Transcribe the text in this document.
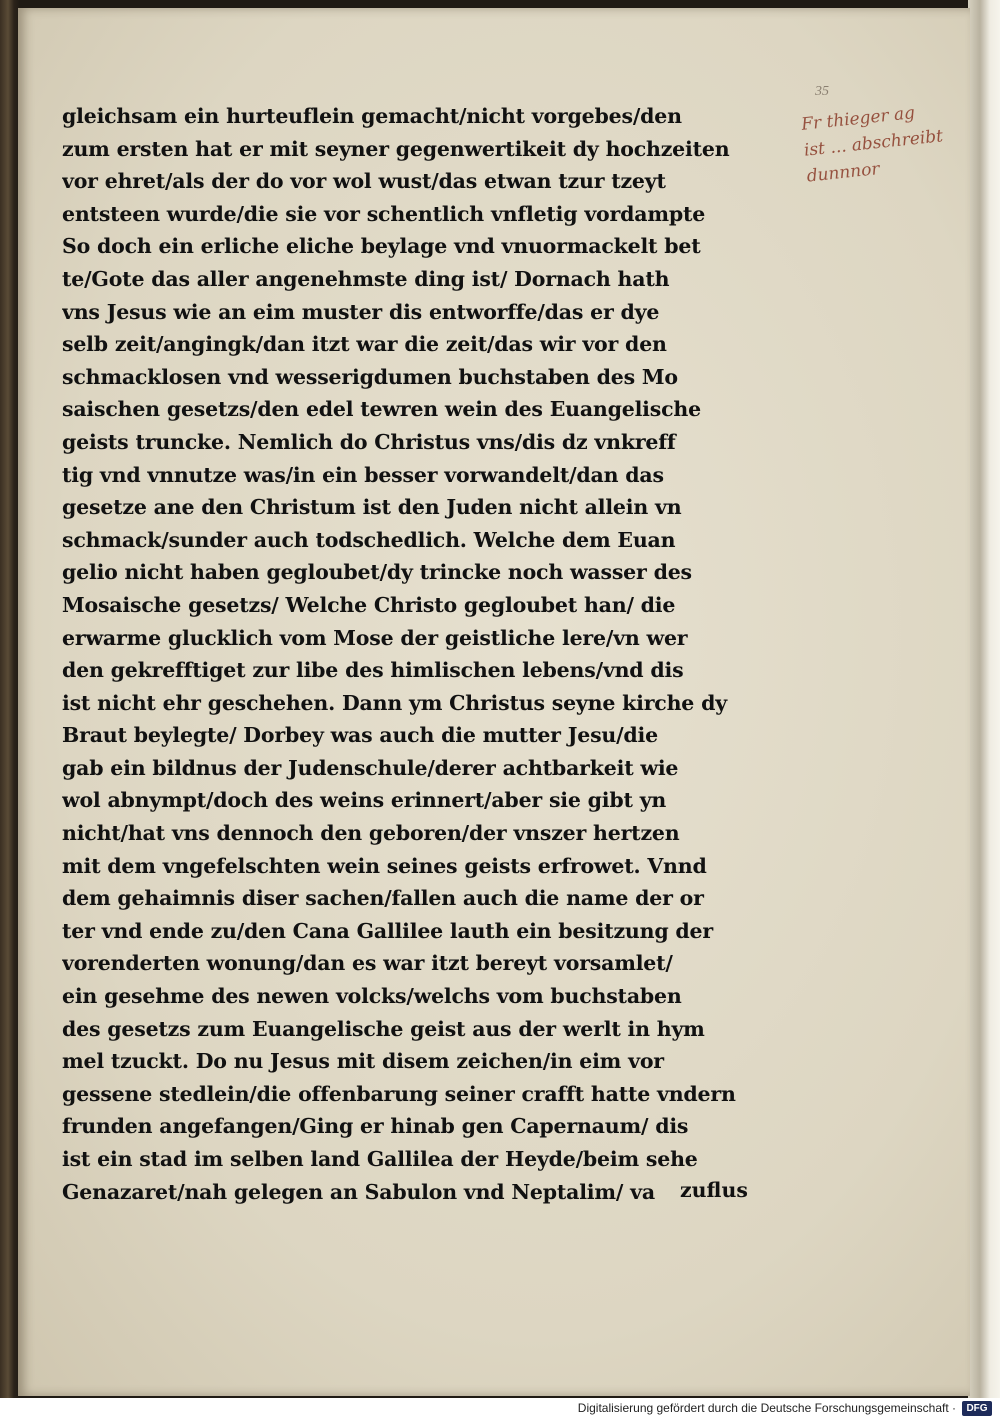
35
Fr thieger ag
ist ... abschreibt
dunnnor
gleichsam ein hurteuflein gemacht/nicht vorgebes/den
zum ersten hat er mit seyner gegenwertikeit dy hochzeiten
vor ehret/als der do vor wol wust/das etwan tzur tzeyt
entsteen wurde/die sie vor schentlich vnfletig vordampte
So doch ein erliche eliche beylage vnd vnuormackelt bet
te/Gote das aller angenehmste ding ist/ Dornach hath
vns Jesus wie an eim muster dis entworffe/das er dye
selb zeit/angingk/dan itzt war die zeit/das wir vor den
schmacklosen vnd wesserigdumen buchstaben des Mo
saischen gesetzs/den edel tewren wein des Euangelische
geists truncke. Nemlich do Christus vns/dis dz vnkreff
tig vnd vnnutze was/in ein besser vorwandelt/dan das
gesetze ane den Christum ist den Juden nicht allein vn
schmack/sunder auch todschedlich. Welche dem Euan
gelio nicht haben gegloubet/dy trincke noch wasser des
Mosaische gesetzs/ Welche Christo gegloubet han/ die
erwarme glucklich vom Mose der geistliche lere/vn wer
den gekrefftiget zur libe des himlischen lebens/vnd dis
ist nicht ehr geschehen. Dann ym Christus seyne kirche dy
Braut beylegte/ Dorbey was auch die mutter Jesu/die
gab ein bildnus der Judenschule/derer achtbarkeit wie
wol abnympt/doch des weins erinnert/aber sie gibt yn
nicht/hat vns dennoch den geboren/der vnszer hertzen
mit dem vngefelschten wein seines geists erfrowet. Vnnd
dem gehaimnis diser sachen/fallen auch die name der or
ter vnd ende zu/den Cana Gallilee lauth ein besitzung der
vorenderten wonung/dan es war itzt bereyt vorsamlet/
ein gesehme des newen volcks/welchs vom buchstaben
des gesetzs zum Euangelische geist aus der werlt in hym
mel tzuckt. Do nu Jesus mit disem zeichen/in eim vor
gessene stedlein/die offenbarung seiner crafft hatte vndern
frunden angefangen/Ging er hinab gen Capernaum/ dis
ist ein stad im selben land Gallilea der Heyde/beim sehe
Genazaret/nah gelegen an Sabulon vnd Neptalim/ va	zuflus
Digitalisierung gefördert durch die Deutsche Forschungsgemeinschaft ·	DFG
